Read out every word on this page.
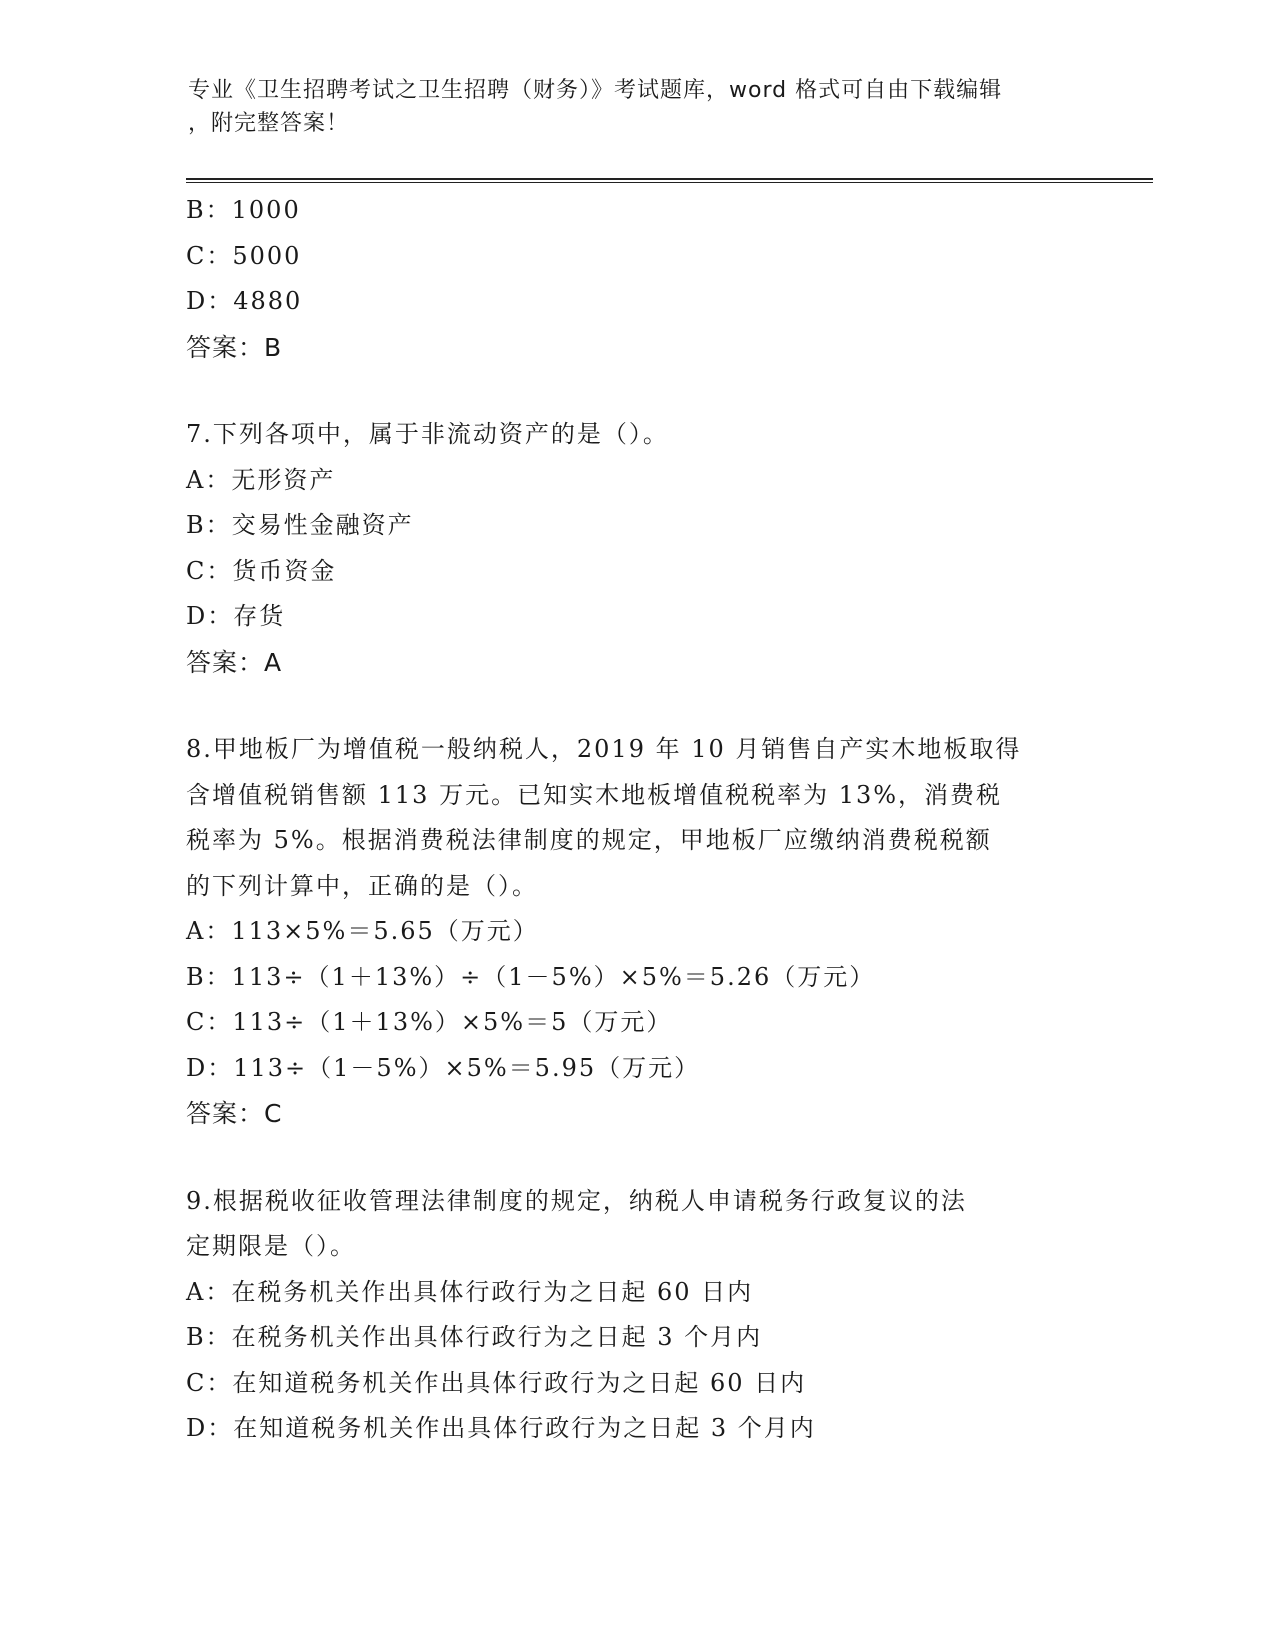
专业《卫生招聘考试之卫生招聘（财务）》考试题库，word 格式可自由下载编辑
，附完整答案！
B：1000
C：5000
D：4880
答案：B
7.下列各项中，属于非流动资产的是（）。
A：无形资产
B：交易性金融资产
C：货币资金
D：存货
答案：A
8.甲地板厂为增值税一般纳税人，2019 年 10 月销售自产实木地板取得
含增值税销售额 113 万元。已知实木地板增值税税率为 13%，消费税
税率为 5%。根据消费税法律制度的规定，甲地板厂应缴纳消费税税额
的下列计算中，正确的是（）。
A：113×5%＝5.65（万元）
B：113÷（1＋13%）÷（1－5%）×5%＝5.26（万元）
C：113÷（1＋13%）×5%＝5（万元）
D：113÷（1－5%）×5%＝5.95（万元）
答案：C
9.根据税收征收管理法律制度的规定，纳税人申请税务行政复议的法
定期限是（）。
A：在税务机关作出具体行政行为之日起 60 日内
B：在税务机关作出具体行政行为之日起 3 个月内
C：在知道税务机关作出具体行政行为之日起 60 日内
D：在知道税务机关作出具体行政行为之日起 3 个月内
